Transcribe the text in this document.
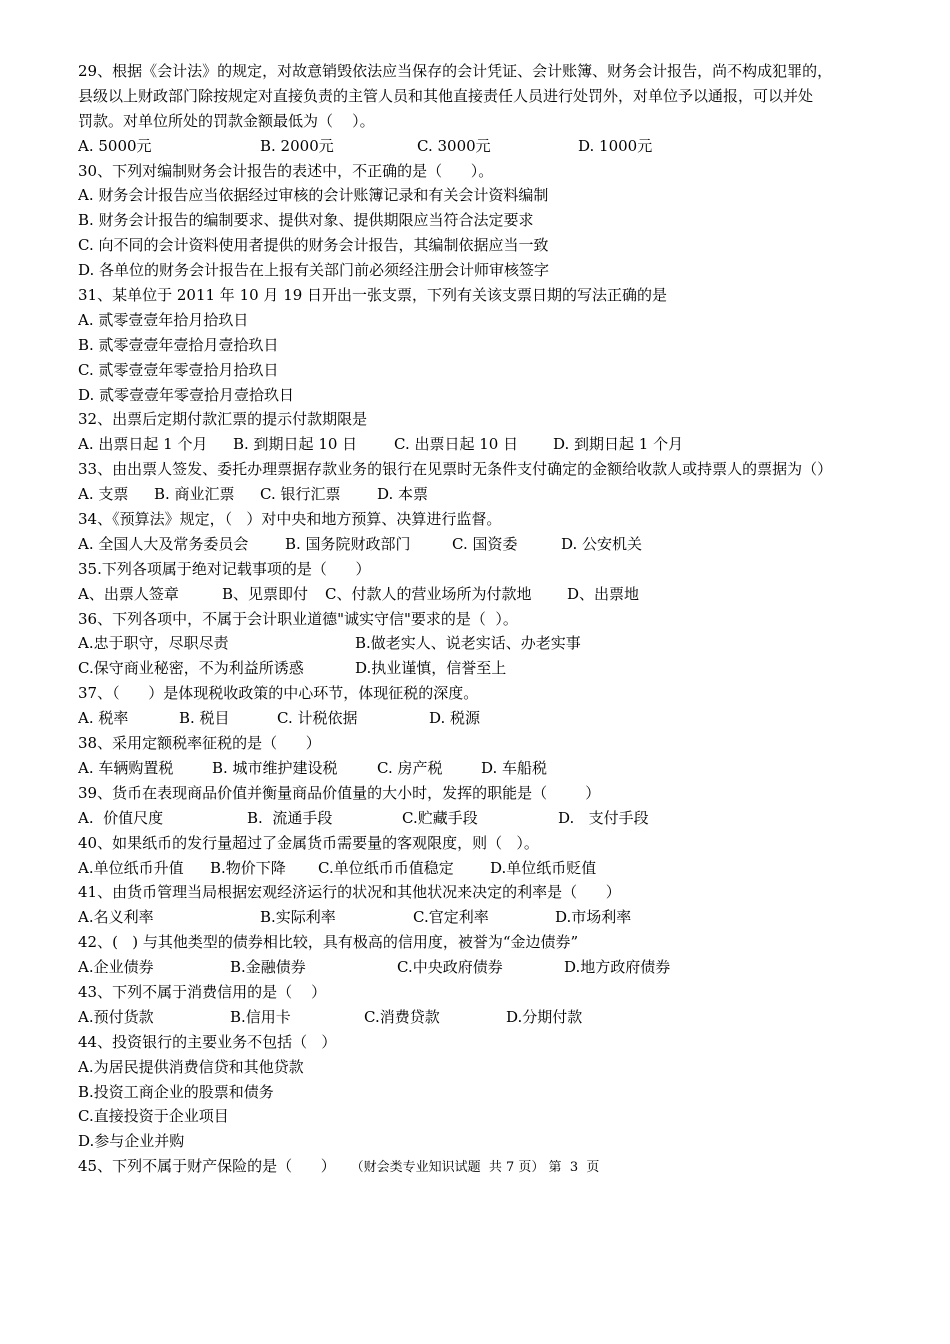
29、根据《会计法》的规定，对故意销毁依法应当保存的会计凭证、会计账簿、财务会计报告，尚不构成犯罪的，
县级以上财政部门除按规定对直接负责的主管人员和其他直接责任人员进行处罚外，对单位予以通报，可以并处
罚款。对单位所处的罚款金额最低为（    ）。
A. 5000元	B. 2000元	C. 3000元	D. 1000元
30、下列对编制财务会计报告的表述中，不正确的是（      ）。
A. 财务会计报告应当依据经过审核的会计账簿记录和有关会计资料编制
B. 财务会计报告的编制要求、提供对象、提供期限应当符合法定要求
C. 向不同的会计资料使用者提供的财务会计报告，其编制依据应当一致
D. 各单位的财务会计报告在上报有关部门前必须经注册会计师审核签字
31、某单位于 2011 年 10 月 19 日开出一张支票，下列有关该支票日期的写法正确的是
A. 贰零壹壹年拾月拾玖日
B. 贰零壹壹年壹拾月壹拾玖日
C. 贰零壹壹年零壹拾月拾玖日
D. 贰零壹壹年零壹拾月壹拾玖日
32、出票后定期付款汇票的提示付款期限是
A. 出票日起 1 个月 B. 到期日起 10 日 C. 出票日起 10 日 D. 到期日起 1 个月
33、由出票人签发、委托办理票据存款业务的银行在见票时无条件支付确定的金额给收款人或持票人的票据为（）
A. 支票 B. 商业汇票 C. 银行汇票 D. 本票
34、《预算法》规定，（   ）对中央和地方预算、决算进行监督。
A. 全国人大及常务委员会 B. 国务院财政部门	C. 国资委	D. 公安机关
35.下列各项属于绝对记载事项的是（      ）
A、出票人签章	B、见票即付 C、付款人的营业场所为付款地 D、出票地
36、下列各项中，不属于会计职业道德"诚实守信"要求的是（  ）。
A.忠于职守，尽职尽责	B.做老实人、说老实话、办老实事
C.保守商业秘密，不为利益所诱惑	D.执业谨慎，信誉至上
37、（      ）是体现税收政策的中心环节，体现征税的深度。
A. 税率	B. 税目	C. 计税依据	D. 税源
38、采用定额税率征税的是（      ）
A. 车辆购置税	B. 城市维护建设税	C. 房产税	D. 车船税
39、货币在表现商品价值并衡量商品价值量的大小时，发挥的职能是（        ）
A.  价值尺度	B.  流通手段	C.贮藏手段	D.   支付手段
40、如果纸币的发行量超过了金属货币需要量的客观限度，则（   ）。
A.单位纸币升值 B.物价下降 C.单位纸币币值稳定 D.单位纸币贬值
41、由货币管理当局根据宏观经济运行的状况和其他状况来决定的利率是（      ）
A.名义利率	B.实际利率	C.官定利率	D.市场利率
42、(   ) 与其他类型的债券相比较，具有极高的信用度，被誉为“金边债券”
A.企业债券	B.金融债券	C.中央政府债券	D.地方政府债券
43、下列不属于消费信用的是（    ）
A.预付货款	B.信用卡	C.消费贷款	D.分期付款
44、投资银行的主要业务不包括（   ）
A.为居民提供消费信贷和其他贷款
B.投资工商企业的股票和债务
C.直接投资于企业项目
D.参与企业并购
45、下列不属于财产保险的是（      ）	（财会类专业知识试题  共 7 页） 第  3  页
